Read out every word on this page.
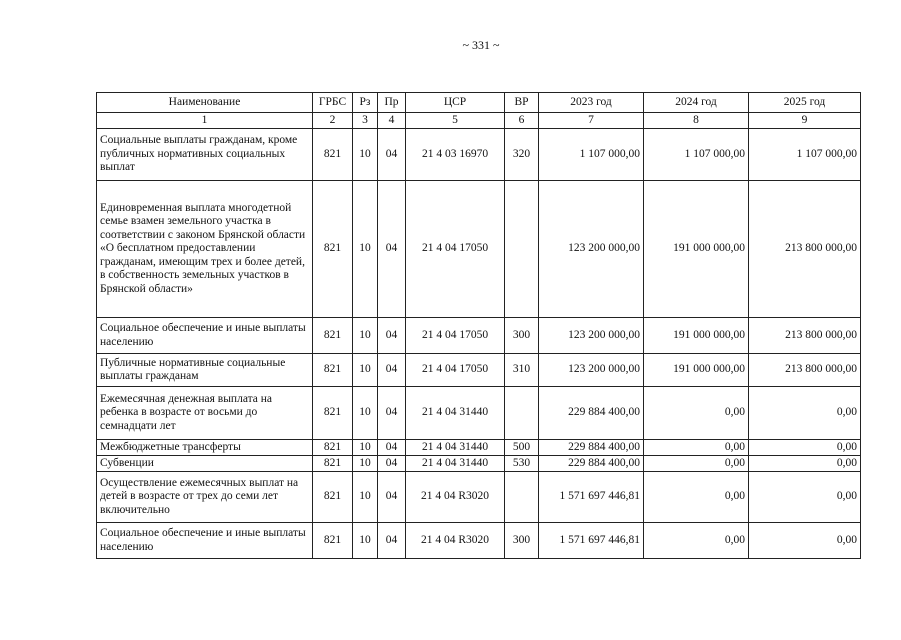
~ 331 ~
Наименование	ГРБС	Рз	Пр	ЦСР	ВР	2023 год	2024 год	2025 год
1	2	3	4	5	6	7	8	9
Социальные выплаты гражданам, кроме публичных нормативных социальных выплат	821	10	04	21 4 03 16970	320	1 107 000,00	1 107 000,00	1 107 000,00
Единовременная выплата многодетной семье взамен земельного участка в соответствии с законом Брянской области «О бесплатном предоставлении гражданам, имеющим трех и более детей, в собственность земельных участков в Брянской области»	821	10	04	21 4 04 17050		123 200 000,00	191 000 000,00	213 800 000,00
Социальное обеспечение и иные выплаты населению	821	10	04	21 4 04 17050	300	123 200 000,00	191 000 000,00	213 800 000,00
Публичные нормативные социальные выплаты гражданам	821	10	04	21 4 04 17050	310	123 200 000,00	191 000 000,00	213 800 000,00
Ежемесячная денежная выплата на ребенка в возрасте от восьми до семнадцати лет	821	10	04	21 4 04 31440		229 884 400,00	0,00	0,00
Межбюджетные трансферты	821	10	04	21 4 04 31440	500	229 884 400,00	0,00	0,00
Субвенции	821	10	04	21 4 04 31440	530	229 884 400,00	0,00	0,00
Осуществление ежемесячных выплат на детей в возрасте от трех до семи лет включительно	821	10	04	21 4 04 R3020		1 571 697 446,81	0,00	0,00
Социальное обеспечение и иные выплаты населению	821	10	04	21 4 04 R3020	300	1 571 697 446,81	0,00	0,00
